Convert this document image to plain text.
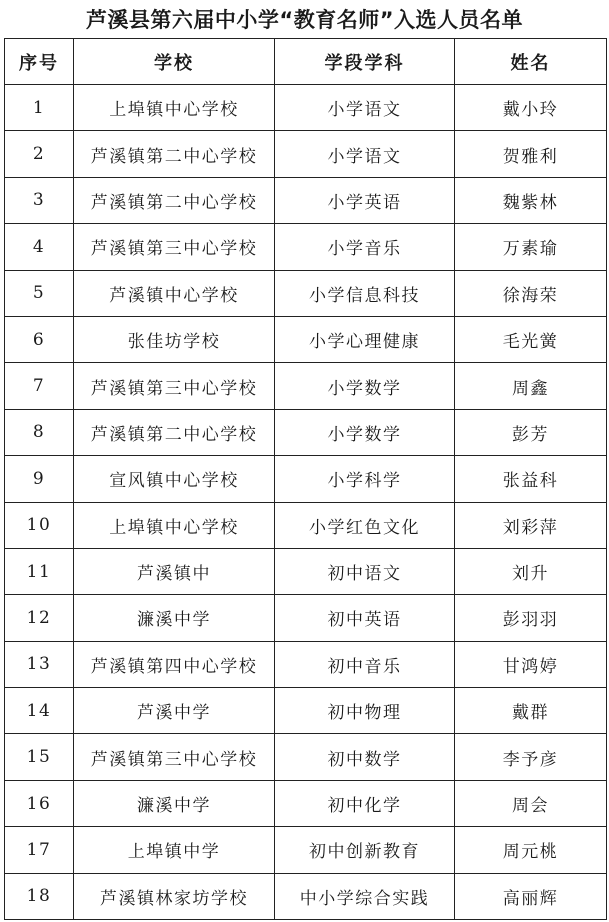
芦溪县第六届中小学“教育名师”入选人员名单
序号	学校	学段学科	姓名
1	上埠镇中心学校	小学语文	戴小玲
2	芦溪镇第二中心学校	小学语文	贺雅利
3	芦溪镇第二中心学校	小学英语	魏紫林
4	芦溪镇第三中心学校	小学音乐	万素瑜
5	芦溪镇中心学校	小学信息科技	徐海荣
6	张佳坊学校	小学心理健康	毛光黉
7	芦溪镇第三中心学校	小学数学	周鑫
8	芦溪镇第二中心学校	小学数学	彭芳
9	宣风镇中心学校	小学科学	张益科
10	上埠镇中心学校	小学红色文化	刘彩萍
11	芦溪镇中	初中语文	刘升
12	濂溪中学	初中英语	彭羽羽
13	芦溪镇第四中心学校	初中音乐	甘鸿婷
14	芦溪中学	初中物理	戴群
15	芦溪镇第三中心学校	初中数学	李予彦
16	濂溪中学	初中化学	周会
17	上埠镇中学	初中创新教育	周元桃
18	芦溪镇林家坊学校	中小学综合实践	高丽辉
